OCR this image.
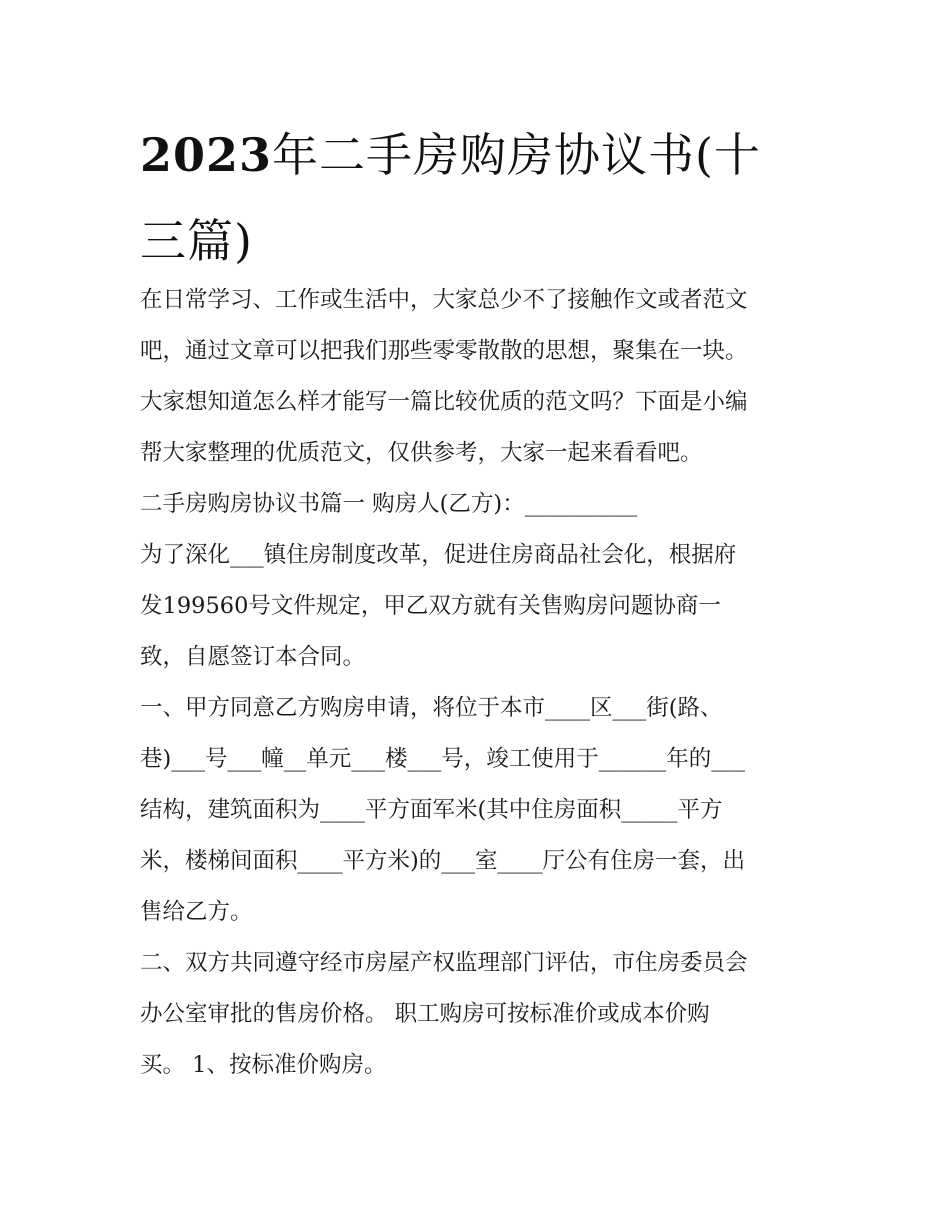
2023年二手房购房协议书(十
三篇)
在日常学习、工作或生活中，大家总少不了接触作文或者范文
吧，通过文章可以把我们那些零零散散的思想，聚集在一块。
大家想知道怎么样才能写一篇比较优质的范文吗？下面是小编
帮大家整理的优质范文，仅供参考，大家一起来看看吧。
二手房购房协议书篇一 购房人(乙方)：__________
为了深化___镇住房制度改革，促进住房商品社会化，根据府
发199560号文件规定，甲乙双方就有关售购房问题协商一
致，自愿签订本合同。
一、甲方同意乙方购房申请，将位于本市____区___街(路、
巷)___号___幢__单元___楼___号，竣工使用于______年的___
结构，建筑面积为____平方面军米(其中住房面积_____平方
米，楼梯间面积____平方米)的___室____厅公有住房一套，出
售给乙方。
二、双方共同遵守经市房屋产权监理部门评估，市住房委员会
办公室审批的售房价格。 职工购房可按标准价或成本价购
买。 1、按标准价购房。
